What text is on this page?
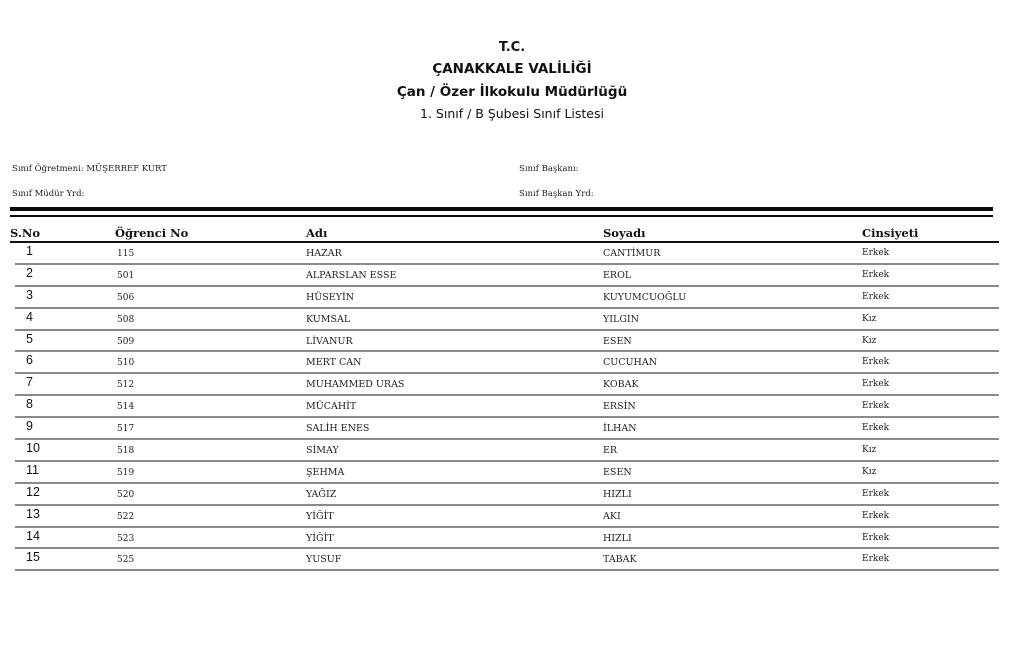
T.C.
ÇANAKKALE VALİLİĞİ
Çan / Özer İlkokulu Müdürlüğü
1. Sınıf / B Şubesi Sınıf Listesi
Sınıf Öğretmeni: MÜŞERREF KURT
Sınıf Müdür Yrd:
Sınıf Başkanı:
Sınıf Başkan Yrd:
S.No	Öğrenci No	Adı	Soyadı	Cinsiyeti
1	115	HAZAR	CANTİMUR	Erkek
2	501	ALPARSLAN ESSE	EROL	Erkek
3	506	HÜSEYİN	KUYUMCUOĞLU	Erkek
4	508	KUMSAL	YILGIN	Kız
5	509	LİVANUR	ESEN	Kız
6	510	MERT CAN	CUCUHAN	Erkek
7	512	MUHAMMED URAS	KOBAK	Erkek
8	514	MÜCAHİT	ERSİN	Erkek
9	517	SALİH ENES	İLHAN	Erkek
10	518	SİMAY	ER	Kız
11	519	ŞEHMA	ESEN	Kız
12	520	YAĞIZ	HIZLI	Erkek
13	522	YİĞİT	AKI	Erkek
14	523	YİĞİT	HIZLI	Erkek
15	525	YUSUF	TABAK	Erkek
